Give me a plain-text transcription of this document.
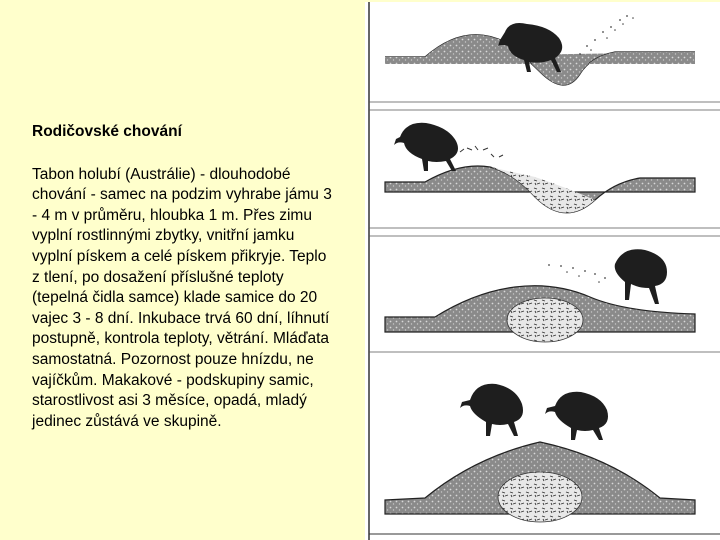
Rodičovské chování

Tabon holubí (Austrálie) - dlouhodobé chování - samec na podzim vyhrabe jámu 3 - 4 m v průměru, hloubka 1 m. Přes zimu vyplní rostlinnými zbytky, vnitřní jamku vyplní pískem a celé pískem přikryje. Teplo z tlení, po dosažení příslušné teploty (tepelná čidla samce) klade samice do 20 vajec 3 - 8 dní. Inkubace trvá 60 dní, líhnutí postupně, kontrola teploty, větrání. Mláďata samostatná. Pozornost pouze hnízdu, ne vajíčkům. Makakové - podskupiny samic, starostlivost asi 3 měsíce, opadá, mladý jedinec zůstává ve skupině.
